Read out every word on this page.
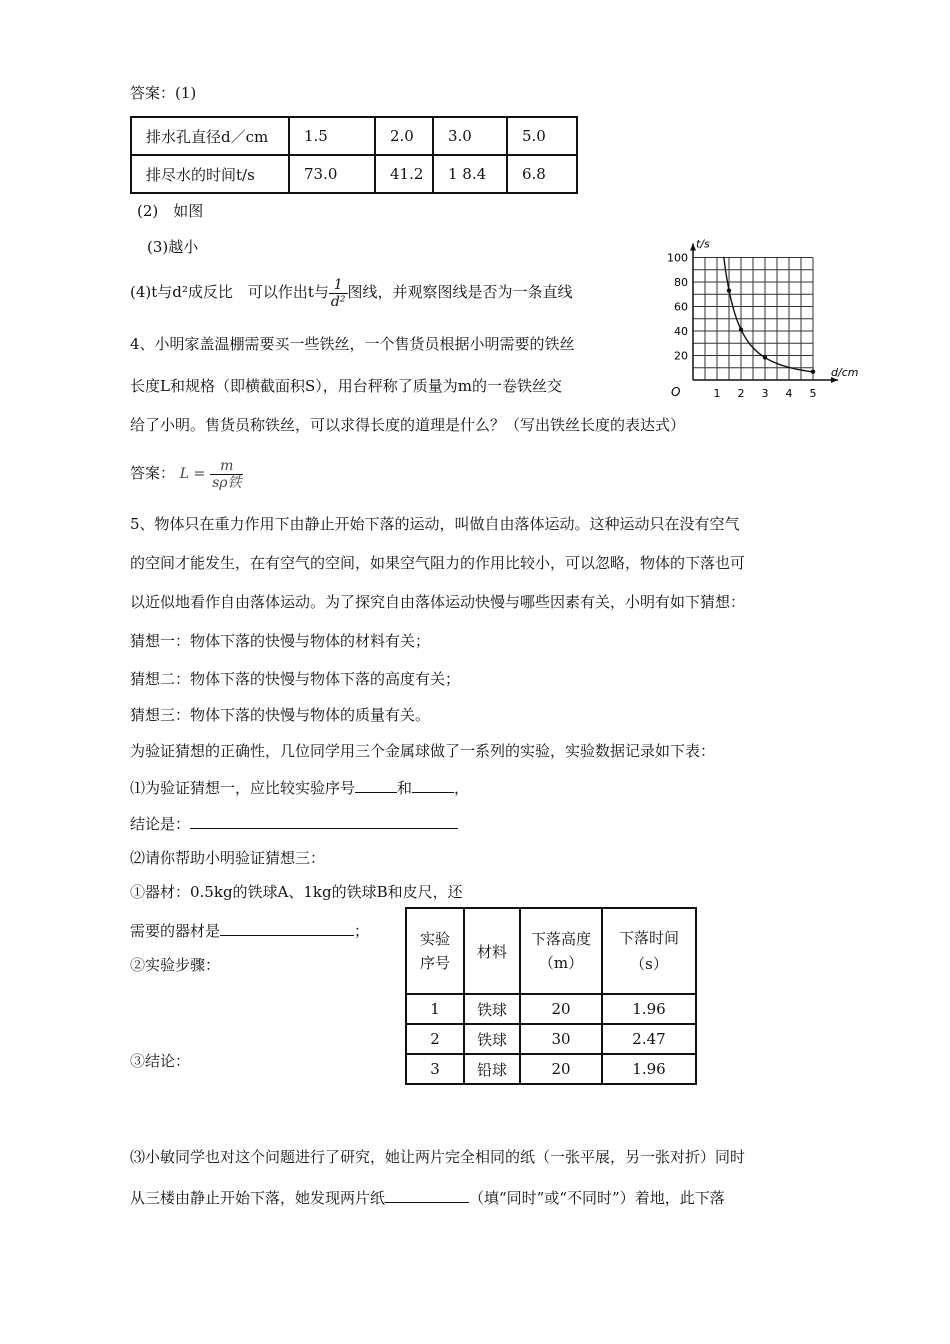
答案：(1)
排水孔直径d／cm	1.5	2.0	3.0	5.0
排尽水的时间t/s	73.0	41.2	1 8.4	6.8
(2)　如图
(3)越小
(4)t与d²成反比　可以作出t与 $\frac{1}{\text{d²}}$ 图线，并观察图线是否为一条直线
1 2 3 4 5
20
40
60
80
100
O
t/s
d/cm
4、小明家盖温棚需要买一些铁丝，一个售货员根据小明需要的铁丝
长度L和规格（即横截面积S），用台秤称了质量为m的一卷铁丝交
给了小明。售货员称铁丝，可以求得长度的道理是什么？（写出铁丝长度的表达式）
答案： $L = \frac{m}{\text{sρ铁}}$
5、物体只在重力作用下由静止开始下落的运动，叫做自由落体运动。这种运动只在没有空气
的空间才能发生，在有空气的空间，如果空气阻力的作用比较小，可以忽略，物体的下落也可
以近似地看作自由落体运动。为了探究自由落体运动快慢与哪些因素有关，小明有如下猜想：
猜想一：物体下落的快慢与物体的材料有关；
猜想二：物体下落的快慢与物体下落的高度有关；
猜想三：物体下落的快慢与物体的质量有关。
为验证猜想的正确性，几位同学用三个金属球做了一系列的实验，实验数据记录如下表：
⑴为验证猜想一，应比较实验序号	和	，
结论是：
⑵请你帮助小明验证猜想三：
①器材：0.5kg的铁球A、1kg的铁球B和皮尺，还
需要的器材是	；
②实验步骤：
③结论：
实验序号	材料	下落高度（m）	下落时间（s）

1	铁球	20	1.96
2	铁球	30	2.47
3	铅球	20	1.96
⑶小敏同学也对这个问题进行了研究，她让两片完全相同的纸（一张平展，另一张对折）同时
从三楼由静止开始下落，她发现两片纸	（填“同时”或“不同时”）着地，此下落
